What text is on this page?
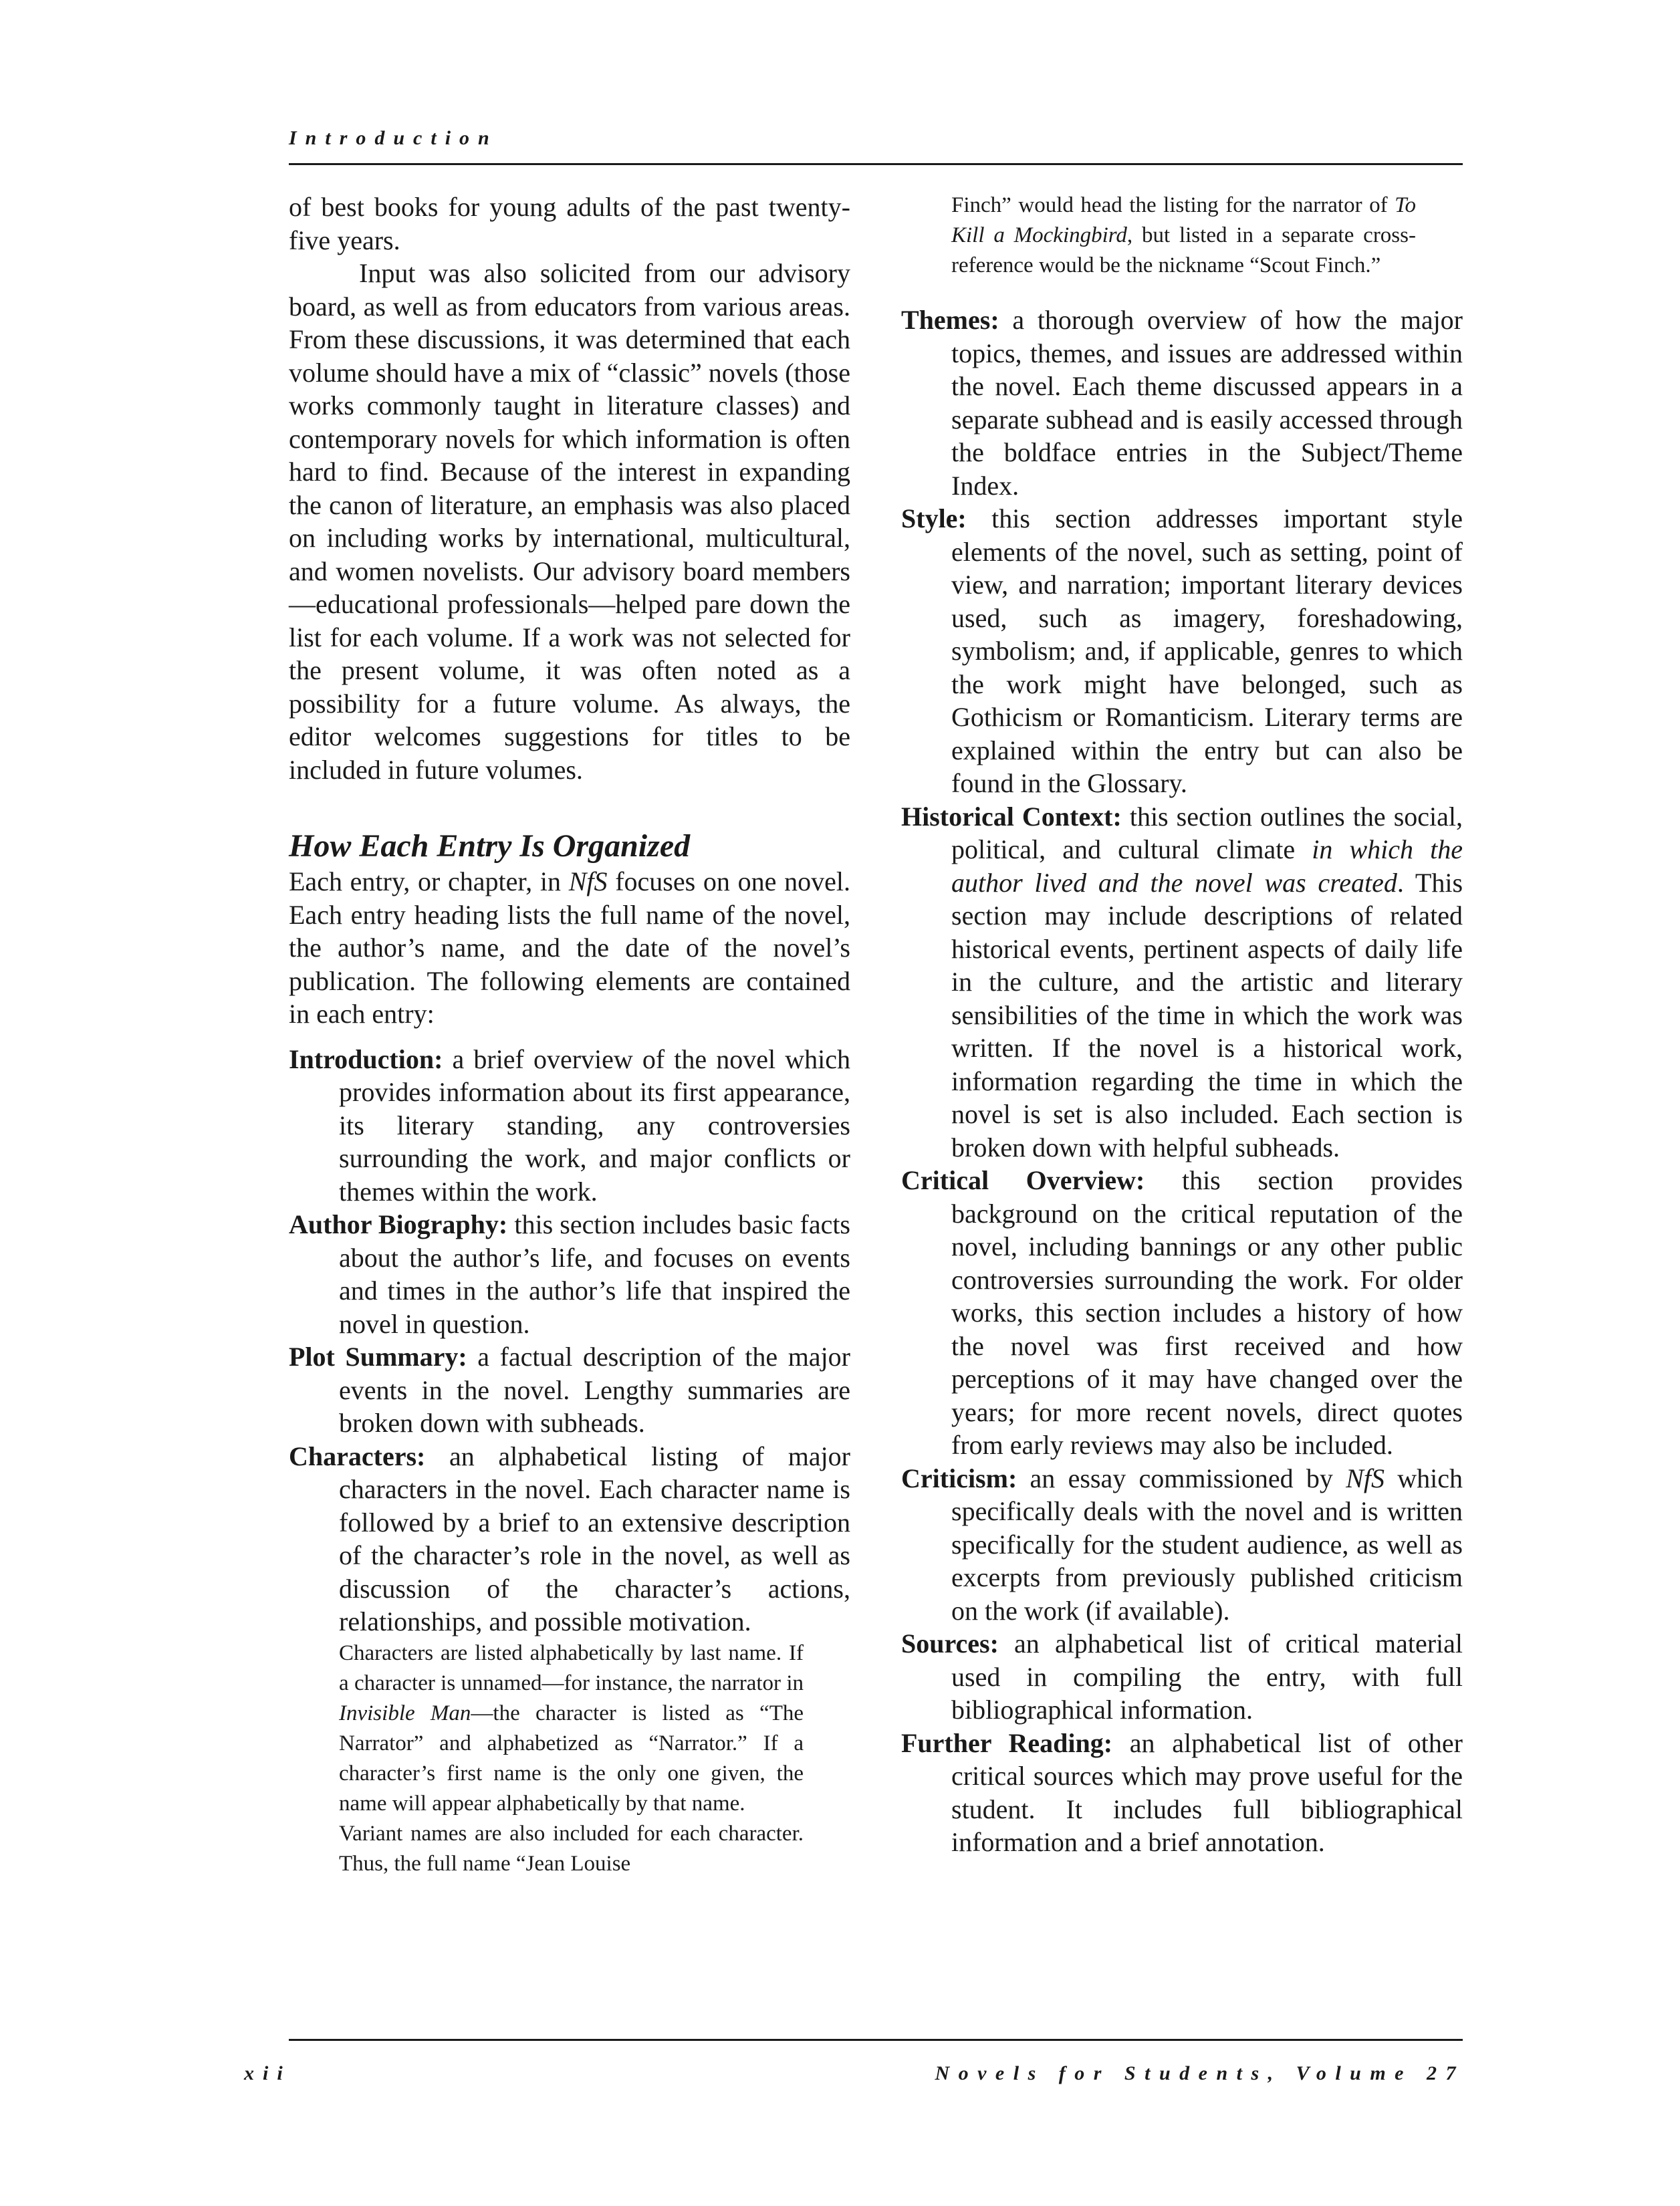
Introduction

of best books for young adults of the past twenty-five years.

Input was also solicited from our advisory board, as well as from educators from various areas. From these discussions, it was determined that each volume should have a mix of “classic” novels (those works commonly taught in literature classes) and contemporary novels for which information is often hard to find. Because of the interest in expanding the canon of literature, an emphasis was also placed on including works by international, multicultural, and women novelists. Our advisory board members—educational professionals—helped pare down the list for each volume. If a work was not selected for the present volume, it was often noted as a possibility for a future volume. As always, the editor welcomes suggestions for titles to be included in future volumes.

How Each Entry Is Organized

Each entry, or chapter, in NfS focuses on one novel. Each entry heading lists the full name of the novel, the author’s name, and the date of the novel’s publication. The following elements are contained in each entry:

Introduction: a brief overview of the novel which provides information about its first appearance, its literary standing, any controversies surrounding the work, and major conflicts or themes within the work.

Author Biography: this section includes basic facts about the author’s life, and focuses on events and times in the author’s life that inspired the novel in question.

Plot Summary: a factual description of the major events in the novel. Lengthy summaries are broken down with subheads.

Characters: an alphabetical listing of major characters in the novel. Each character name is followed by a brief to an extensive description of the character’s role in the novel, as well as discussion of the character’s actions, relationships, and possible motivation.

Characters are listed alphabetically by last name. If a character is unnamed—for instance, the narrator in Invisible Man—the character is listed as “The Narrator” and alphabetized as “Narrator.” If a character’s first name is the only one given, the name will appear alphabetically by that name.

Variant names are also included for each character. Thus, the full name “Jean Louise

Finch” would head the listing for the narrator of To Kill a Mockingbird, but listed in a separate cross-reference would be the nickname “Scout Finch.”

Themes: a thorough overview of how the major topics, themes, and issues are addressed within the novel. Each theme discussed appears in a separate subhead and is easily accessed through the boldface entries in the Subject/Theme Index.

Style: this section addresses important style elements of the novel, such as setting, point of view, and narration; important literary devices used, such as imagery, foreshadowing, symbolism; and, if applicable, genres to which the work might have belonged, such as Gothicism or Romanticism. Literary terms are explained within the entry but can also be found in the Glossary.

Historical Context: this section outlines the social, political, and cultural climate in which the author lived and the novel was created. This section may include descriptions of related historical events, pertinent aspects of daily life in the culture, and the artistic and literary sensibilities of the time in which the work was written. If the novel is a historical work, information regarding the time in which the novel is set is also included. Each section is broken down with helpful subheads.

Critical Overview: this section provides background on the critical reputation of the novel, including bannings or any other public controversies surrounding the work. For older works, this section includes a history of how the novel was first received and how perceptions of it may have changed over the years; for more recent novels, direct quotes from early reviews may also be included.

Criticism: an essay commissioned by NfS which specifically deals with the novel and is written specifically for the student audience, as well as excerpts from previously published criticism on the work (if available).

Sources: an alphabetical list of critical material used in compiling the entry, with full bibliographical information.

Further Reading: an alphabetical list of other critical sources which may prove useful for the student. It includes full bibliographical information and a brief annotation.

xii	Novels for Students, Volume 27
